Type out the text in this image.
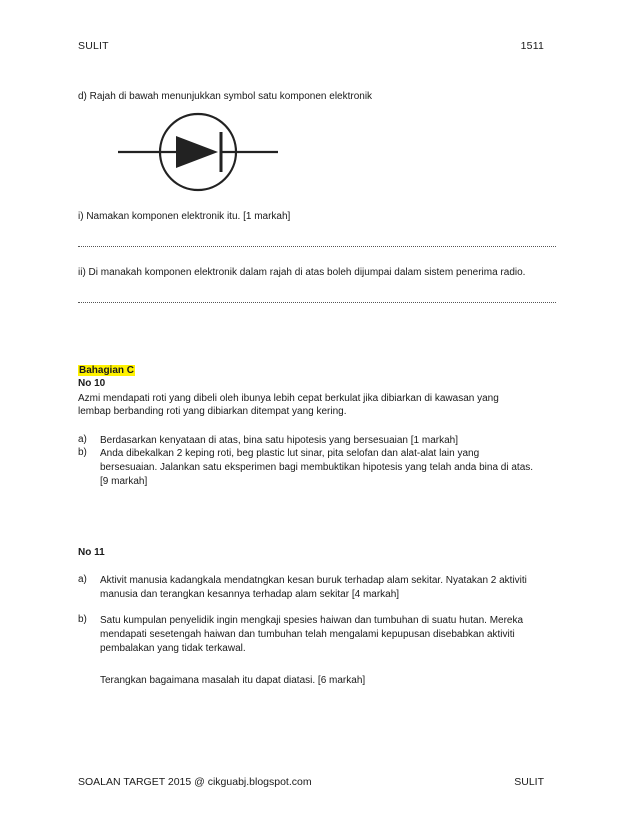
SULIT	1511
d) Rajah di bawah menunjukkan symbol satu komponen elektronik
i) Namakan komponen elektronik itu. [1 markah]
ii) Di manakah komponen elektronik dalam rajah di atas boleh dijumpai dalam sistem penerima radio.
Bahagian C
No 10
Azmi mendapati roti yang dibeli oleh ibunya lebih cepat berkulat jika dibiarkan di kawasan yang
lembap berbanding roti yang dibiarkan ditempat yang kering.
a) Berdasarkan kenyataan di atas, bina satu hipotesis yang bersesuaian [1 markah]
b) Anda dibekalkan 2 keping roti, beg plastic lut sinar, pita selofan dan alat-alat lain yang
bersesuaian. Jalankan satu eksperimen bagi membuktikan hipotesis yang telah anda bina di atas.
[9 markah]
No 11
a) Aktivit manusia kadangkala mendatngkan kesan buruk terhadap alam sekitar. Nyatakan 2 aktiviti
manusia dan terangkan kesannya terhadap alam sekitar [4 markah]
b) Satu kumpulan penyelidik ingin mengkaji spesies haiwan dan tumbuhan di suatu hutan. Mereka
mendapati sesetengah haiwan dan tumbuhan telah mengalami kepupusan disebabkan aktiviti
pembalakan yang tidak terkawal.
Terangkan bagaimana masalah itu dapat diatasi. [6 markah]
SOALAN TARGET 2015 @ cikguabj.blogspot.com	SULIT
